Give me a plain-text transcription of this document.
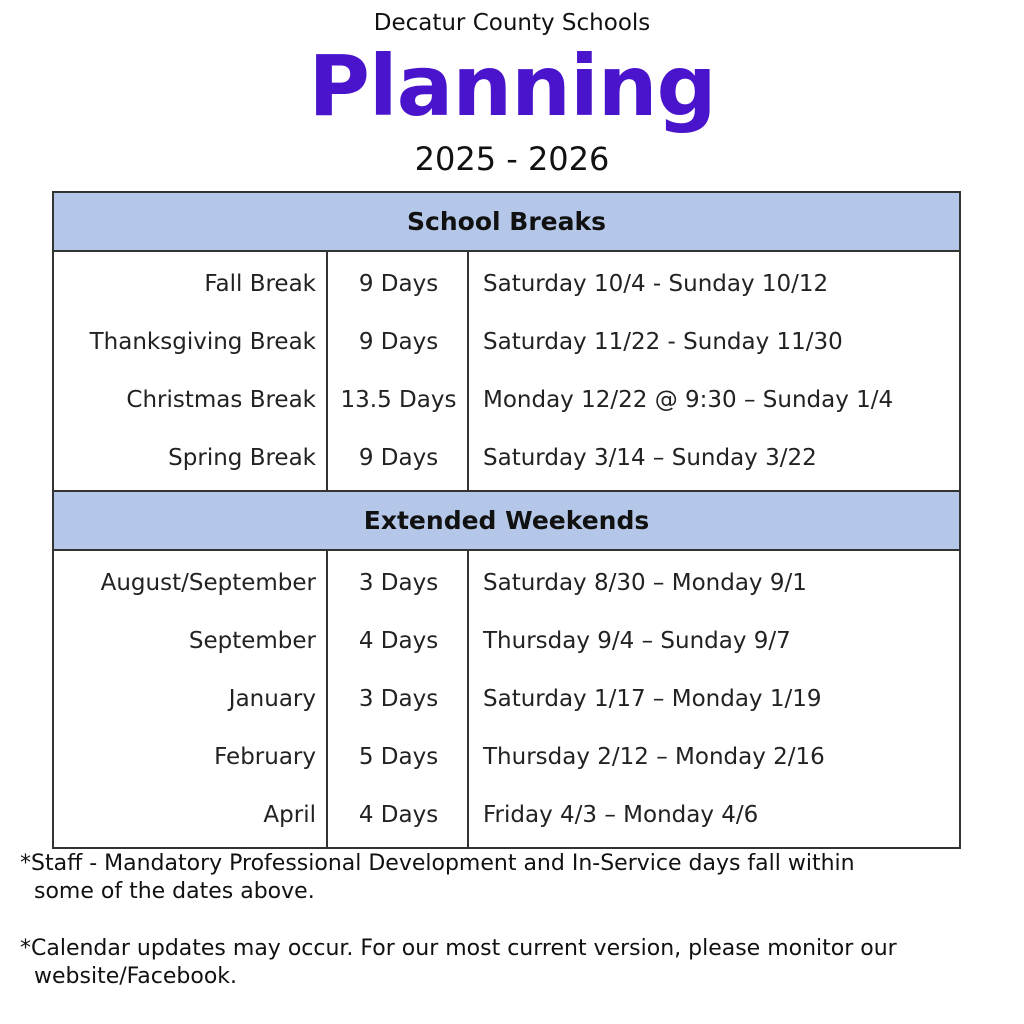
Decatur County Schools
Planning
2025 - 2026
School Breaks
Fall Break	9 Days	Saturday 10/4 - Sunday 10/12
Thanksgiving Break	9 Days	Saturday 11/22 - Sunday 11/30
Christmas Break	13.5 Days	Monday 12/22 @ 9:30 – Sunday 1/4
Spring Break	9 Days	Saturday 3/14 – Sunday 3/22
Extended Weekends
August/September	3 Days	Saturday 8/30 – Monday 9/1
September	4 Days	Thursday 9/4 – Sunday 9/7
January	3 Days	Saturday 1/17 – Monday 1/19
February	5 Days	Thursday 2/12 – Monday 2/16
April	4 Days	Friday 4/3 – Monday 4/6
*Staff - Mandatory Professional Development and In-Service days fall within
some of the dates above.
*Calendar updates may occur. For our most current version, please monitor our
website/Facebook.
